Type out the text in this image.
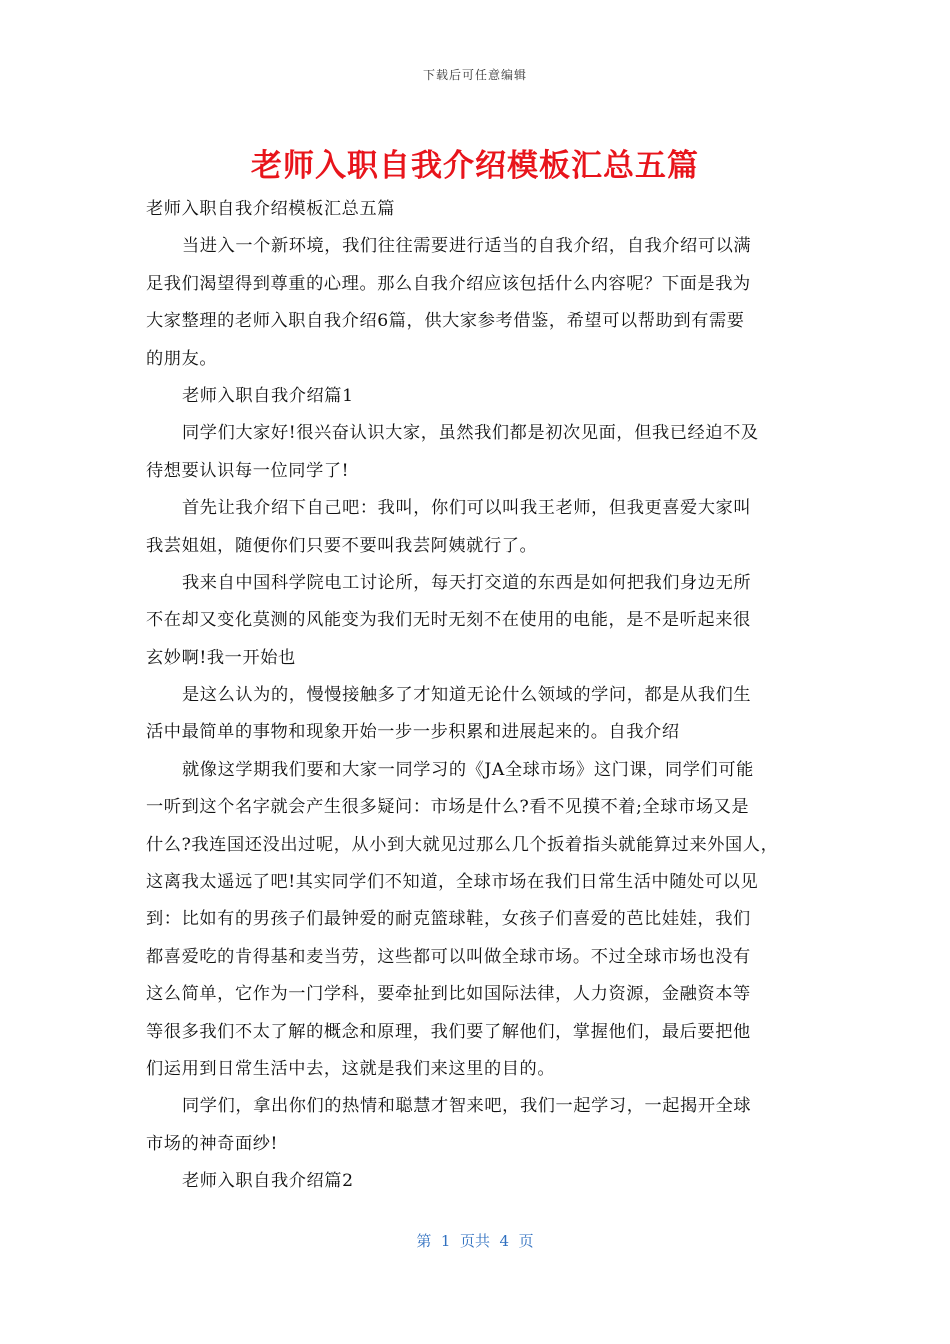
下载后可任意编辑
老师入职自我介绍模板汇总五篇
老师入职自我介绍模板汇总五篇
当进入一个新环境，我们往往需要进行适当的自我介绍，自我介绍可以满
足我们渴望得到尊重的心理。那么自我介绍应该包括什么内容呢？下面是我为
大家整理的老师入职自我介绍6篇，供大家参考借鉴，希望可以帮助到有需要
的朋友。
老师入职自我介绍篇1
同学们大家好!很兴奋认识大家，虽然我们都是初次见面，但我已经迫不及
待想要认识每一位同学了!
首先让我介绍下自己吧：我叫，你们可以叫我王老师，但我更喜爱大家叫
我芸姐姐，随便你们只要不要叫我芸阿姨就行了。
我来自中国科学院电工讨论所，每天打交道的东西是如何把我们身边无所
不在却又变化莫测的风能变为我们无时无刻不在使用的电能，是不是听起来很
玄妙啊!我一开始也
是这么认为的，慢慢接触多了才知道无论什么领域的学问，都是从我们生
活中最简单的事物和现象开始一步一步积累和进展起来的。自我介绍
就像这学期我们要和大家一同学习的《JA全球市场》这门课，同学们可能
一听到这个名字就会产生很多疑问：市场是什么?看不见摸不着;全球市场又是
什么?我连国还没出过呢，从小到大就见过那么几个扳着指头就能算过来外国人，
这离我太遥远了吧!其实同学们不知道，全球市场在我们日常生活中随处可以见
到：比如有的男孩子们最钟爱的耐克篮球鞋，女孩子们喜爱的芭比娃娃，我们
都喜爱吃的肯得基和麦当劳，这些都可以叫做全球市场。不过全球市场也没有
这么简单，它作为一门学科，要牵扯到比如国际法律，人力资源，金融资本等
等很多我们不太了解的概念和原理，我们要了解他们，掌握他们，最后要把他
们运用到日常生活中去，这就是我们来这里的目的。
同学们，拿出你们的热情和聪慧才智来吧，我们一起学习，一起揭开全球
市场的神奇面纱!
老师入职自我介绍篇2
第  1  页共  4  页
